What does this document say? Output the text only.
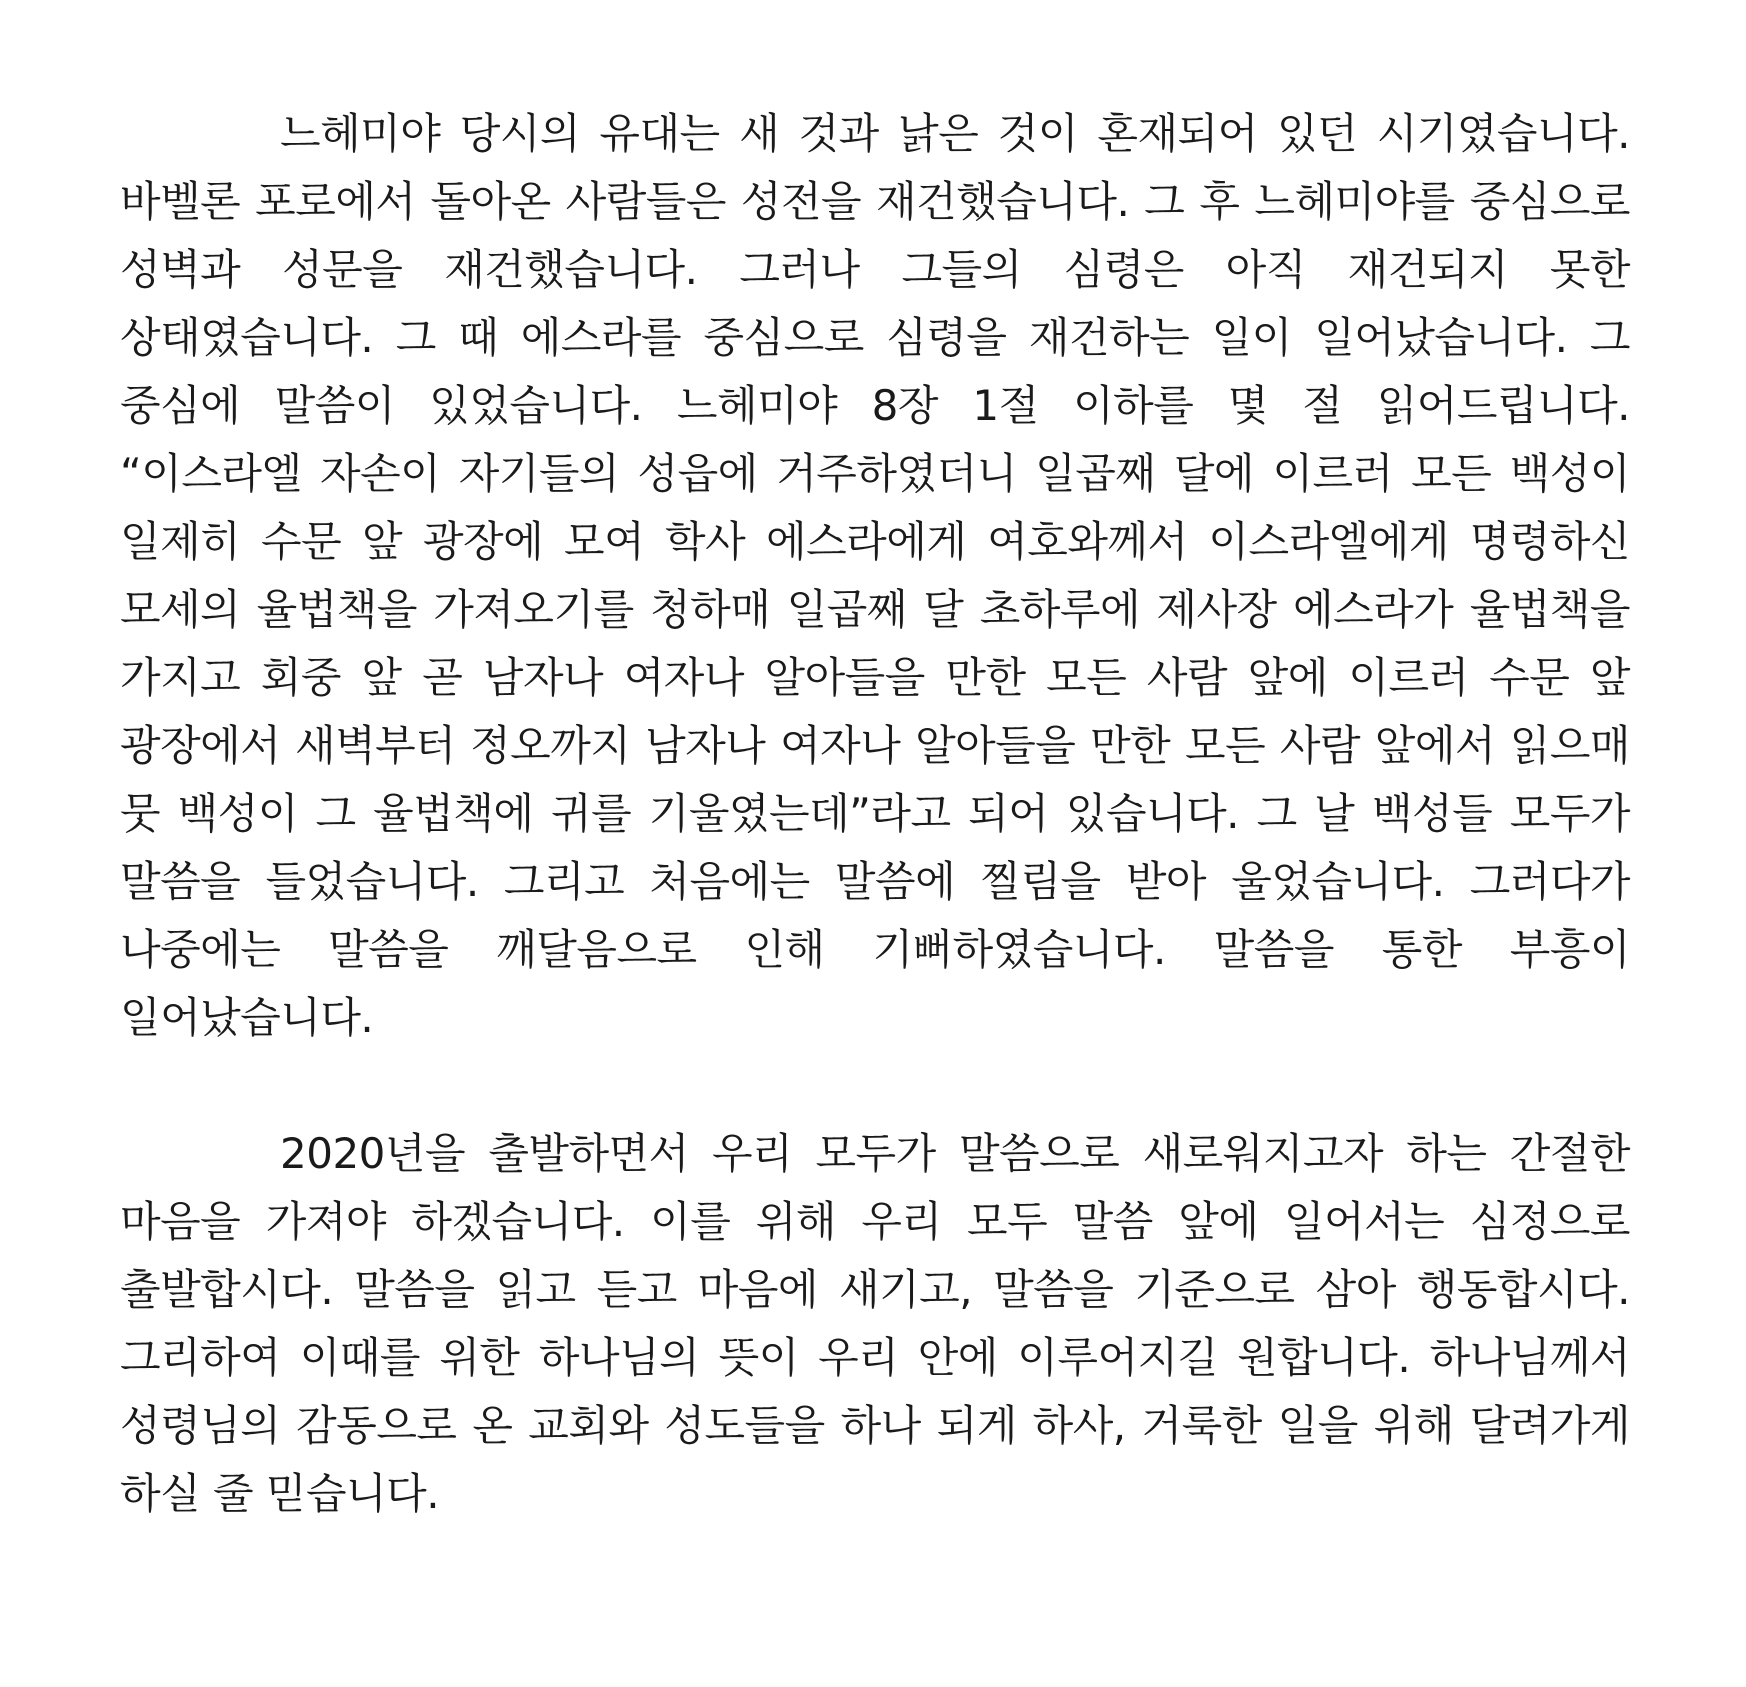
느헤미야 당시의 유대는 새 것과 낡은 것이 혼재되어 있던 시기였습니다. 바벨론 포로에서 돌아온 사람들은 성전을 재건했습니다. 그 후 느헤미야를 중심으로 성벽과 성문을 재건했습니다. 그러나 그들의 심령은 아직 재건되지 못한 상태였습니다. 그 때 에스라를 중심으로 심령을 재건하는 일이 일어났습니다. 그 중심에 말씀이 있었습니다. 느헤미야 8장 1절 이하를 몇 절 읽어드립니다. “이스라엘 자손이 자기들의 성읍에 거주하였더니 일곱째 달에 이르러 모든 백성이 일제히 수문 앞 광장에 모여 학사 에스라에게 여호와께서 이스라엘에게 명령하신 모세의 율법책을 가져오기를 청하매 일곱째 달 초하루에 제사장 에스라가 율법책을 가지고 회중 앞 곧 남자나 여자나 알아들을 만한 모든 사람 앞에 이르러 수문 앞 광장에서 새벽부터 정오까지 남자나 여자나 알아들을 만한 모든 사람 앞에서 읽으매 뭇 백성이 그 율법책에 귀를 기울였는데”라고 되어 있습니다. 그 날 백성들 모두가 말씀을 들었습니다. 그리고 처음에는 말씀에 찔림을 받아 울었습니다. 그러다가 나중에는 말씀을 깨달음으로 인해 기뻐하였습니다. 말씀을 통한 부흥이 일어났습니다.

2020년을 출발하면서 우리 모두가 말씀으로 새로워지고자 하는 간절한 마음을 가져야 하겠습니다. 이를 위해 우리 모두 말씀 앞에 일어서는 심정으로 출발합시다. 말씀을 읽고 듣고 마음에 새기고, 말씀을 기준으로 삼아 행동합시다. 그리하여 이때를 위한 하나님의 뜻이 우리 안에 이루어지길 원합니다. 하나님께서 성령님의 감동으로 온 교회와 성도들을 하나 되게 하사, 거룩한 일을 위해 달려가게 하실 줄 믿습니다.
